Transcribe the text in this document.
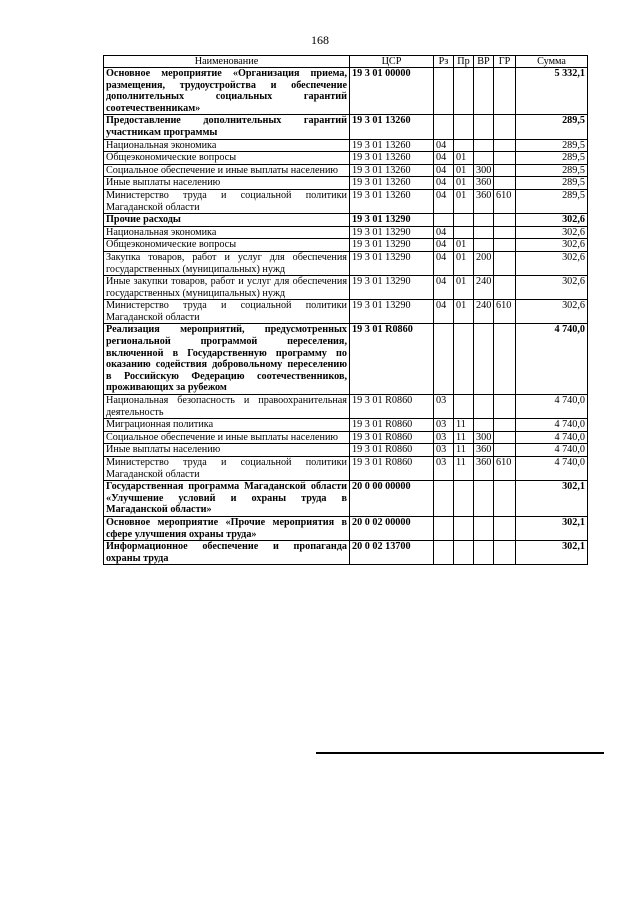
168
Наименование	ЦСР	Рз	Пр	ВР	ГР	Сумма
Основное мероприятие «Организация приема, размещения, трудоустройства и обеспечение дополнительных социальных гарантий соотечественникам»	19 3 01 00000					5 332,1
Предоставление дополнительных гарантий участникам программы	19 3 01 13260					289,5
Национальная экономика	19 3 01 13260	04				289,5
Общеэкономические вопросы	19 3 01 13260	04	01			289,5
Социальное обеспечение и иные выплаты населению	19 3 01 13260	04	01	300		289,5
Иные выплаты населению	19 3 01 13260	04	01	360		289,5
Министерство труда и социальной политики Магаданской области	19 3 01 13260	04	01	360	610	289,5
Прочие расходы	19 3 01 13290					302,6
Национальная экономика	19 3 01 13290	04				302,6
Общеэкономические вопросы	19 3 01 13290	04	01			302,6
Закупка товаров, работ и услуг для обеспечения государственных (муниципальных) нужд	19 3 01 13290	04	01	200		302,6
Иные закупки товаров, работ и услуг для обеспечения государственных (муниципальных) нужд	19 3 01 13290	04	01	240		302,6
Министерство труда и социальной политики Магаданской области	19 3 01 13290	04	01	240	610	302,6
Реализация мероприятий, предусмотренных региональной программой переселения, включенной в Государственную программу по оказанию содействия добровольному переселению в Российскую Федерацию соотечественников, проживающих за рубежом	19 3 01 R0860					4 740,0
Национальная безопасность и правоохранительная деятельность	19 3 01 R0860	03				4 740,0
Миграционная политика	19 3 01 R0860	03	11			4 740,0
Социальное обеспечение и иные выплаты населению	19 3 01 R0860	03	11	300		4 740,0
Иные выплаты населению	19 3 01 R0860	03	11	360		4 740,0
Министерство труда и социальной политики Магаданской области	19 3 01 R0860	03	11	360	610	4 740,0
Государственная программа Магаданской области «Улучшение условий и охраны труда в Магаданской области»	20 0 00 00000					302,1
Основное мероприятие «Прочие мероприятия в сфере улучшения охраны труда»	20 0 02 00000					302,1
Информационное обеспечение и пропаганда охраны труда	20 0 02 13700					302,1
